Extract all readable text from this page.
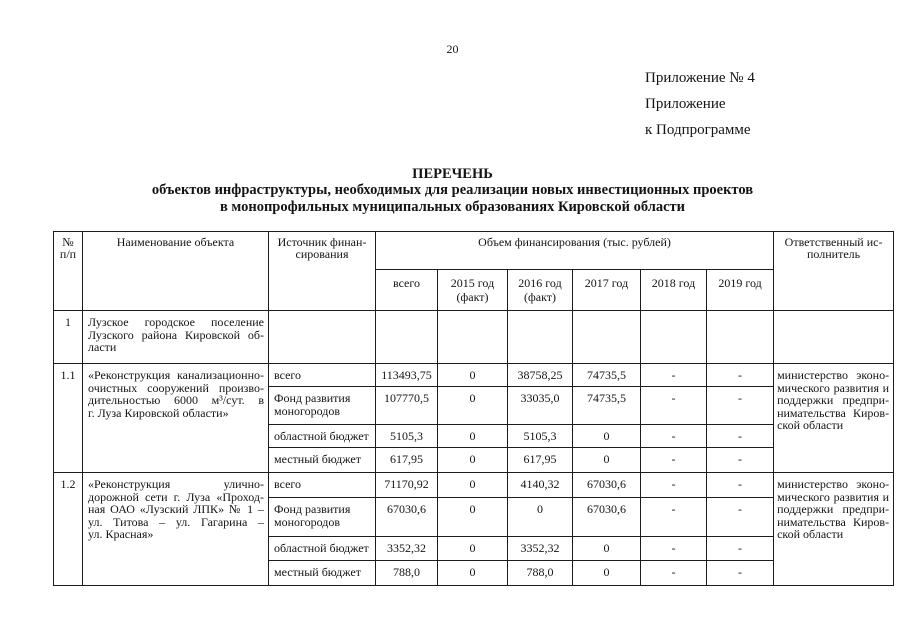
20
Приложение № 4
Приложение
к Подпрограмме
ПЕРЕЧЕНЬ
объектов инфраструктуры, необходимых для реализации новых инвестиционных проектов
в монопрофильных муниципальных образованиях Кировской области
№
п/п	Наименование объекта	Источник финан-
сирования	Объем финансирования (тыс. рублей)						Ответственный ис-
полнитель
			всего	2015 год
(факт)	2016 год
(факт)	2017 год	2018 год	2019 год	
1	Лузское городское поселение
Лузского района Кировской об-
ласти								

1.1	«Реконструкция канализационно-
очистных сооружений произво-
дительностью 6000 м³/сут. в
г. Луза Кировской области»	всего	113493,75	0	38758,25	74735,5	-	-	министерство эконо-
мического развития и
поддержки предпри-
нимательства Киров-
ской области

		Фонд развития моногородов	107770,5	0	33035,0	74735,5	-	-	
		областной бюджет	5105,3	0	5105,3	0	-	-	
		местный бюджет	617,95	0	617,95	0	-	-	
1.2	«Реконструкция улично-
дорожной сети г. Луза «Проход-
ная ОАО «Лузский ЛПК» № 1 –
ул. Титова – ул. Гагарина –
ул. Красная»	всего	71170,92	0	4140,32	67030,6	-	-	министерство эконо-
мического развития и
поддержки предпри-
нимательства Киров-
ской области

		Фонд развития моногородов	67030,6	0	0	67030,6	-	-	
		областной бюджет	3352,32	0	3352,32	0	-	-	
		местный бюджет	788,0	0	788,0	0	-	-	
